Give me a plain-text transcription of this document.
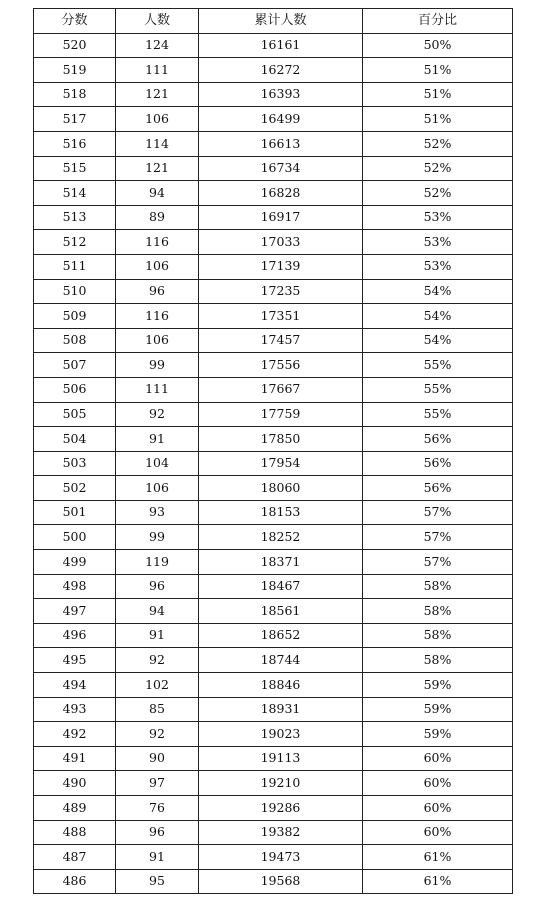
分数	人数	累计人数	百分比
520	124	16161	50%
519	111	16272	51%
518	121	16393	51%
517	106	16499	51%
516	114	16613	52%
515	121	16734	52%
514	94	16828	52%
513	89	16917	53%
512	116	17033	53%
511	106	17139	53%
510	96	17235	54%
509	116	17351	54%
508	106	17457	54%
507	99	17556	55%
506	111	17667	55%
505	92	17759	55%
504	91	17850	56%
503	104	17954	56%
502	106	18060	56%
501	93	18153	57%
500	99	18252	57%
499	119	18371	57%
498	96	18467	58%
497	94	18561	58%
496	91	18652	58%
495	92	18744	58%
494	102	18846	59%
493	85	18931	59%
492	92	19023	59%
491	90	19113	60%
490	97	19210	60%
489	76	19286	60%
488	96	19382	60%
487	91	19473	61%
486	95	19568	61%
